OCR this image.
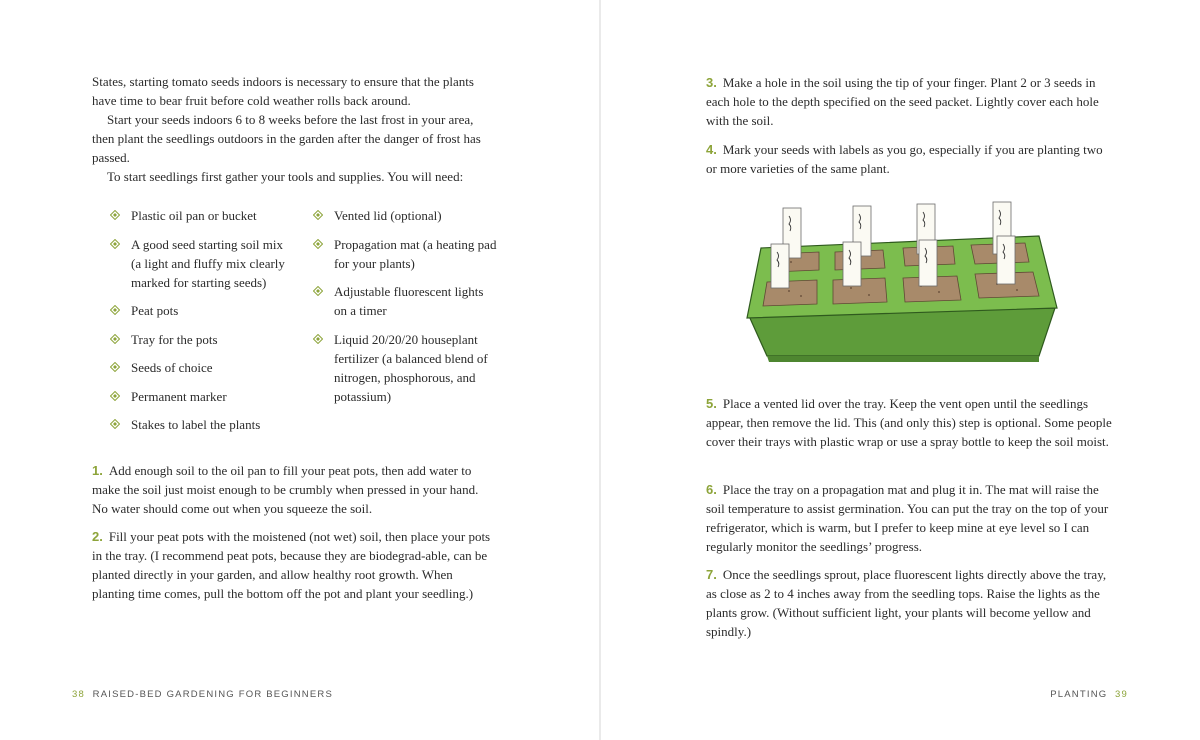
States, starting tomato seeds indoors is necessary to ensure that the plants have time to bear fruit before cold weather rolls back around.

Start your seeds indoors 6 to 8 weeks before the last frost in your area, then plant the seedlings outdoors in the garden after the danger of frost has passed.

To start seedlings first gather your tools and supplies. You will need:

Plastic oil pan or bucket
A good seed starting soil mix (a light and fluffy mix clearly marked for starting seeds)
Peat pots
Tray for the pots
Seeds of choice
Permanent marker
Stakes to label the plants
Vented lid (optional)
Propagation mat (a heating pad for your plants)
Adjustable fluorescent lights on a timer
Liquid 20/20/20 houseplant fertilizer (a balanced blend of nitrogen, phosphorous, and potassium)
1. Add enough soil to the oil pan to fill your peat pots, then add water to make the soil just moist enough to be crumbly when pressed in your hand. No water should come out when you squeeze the soil.
2. Fill your peat pots with the moistened (not wet) soil, then place your pots in the tray. (I recommend peat pots, because they are biodegrad-able, can be planted directly in your garden, and allow healthy root growth. When planting time comes, pull the bottom off the pot and plant your seedling.)
38 RAISED-BED GARDENING FOR BEGINNERS
3. Make a hole in the soil using the tip of your finger. Plant 2 or 3 seeds in each hole to the depth specified on the seed packet. Lightly cover each hole with the soil.
4. Mark your seeds with labels as you go, especially if you are planting two or more varieties of the same plant.
5. Place a vented lid over the tray. Keep the vent open until the seedlings appear, then remove the lid. This (and only this) step is optional. Some people cover their trays with plastic wrap or use a spray bottle to keep the soil moist.
6. Place the tray on a propagation mat and plug it in. The mat will raise the soil temperature to assist germination. You can put the tray on the top of your refrigerator, which is warm, but I prefer to keep mine at eye level so I can regularly monitor the seedlings’ progress.
7. Once the seedlings sprout, place fluorescent lights directly above the tray, as close as 2 to 4 inches away from the seedling tops. Raise the lights as the plants grow. (Without sufficient light, your plants will become yellow and spindly.)
PLANTING 39
